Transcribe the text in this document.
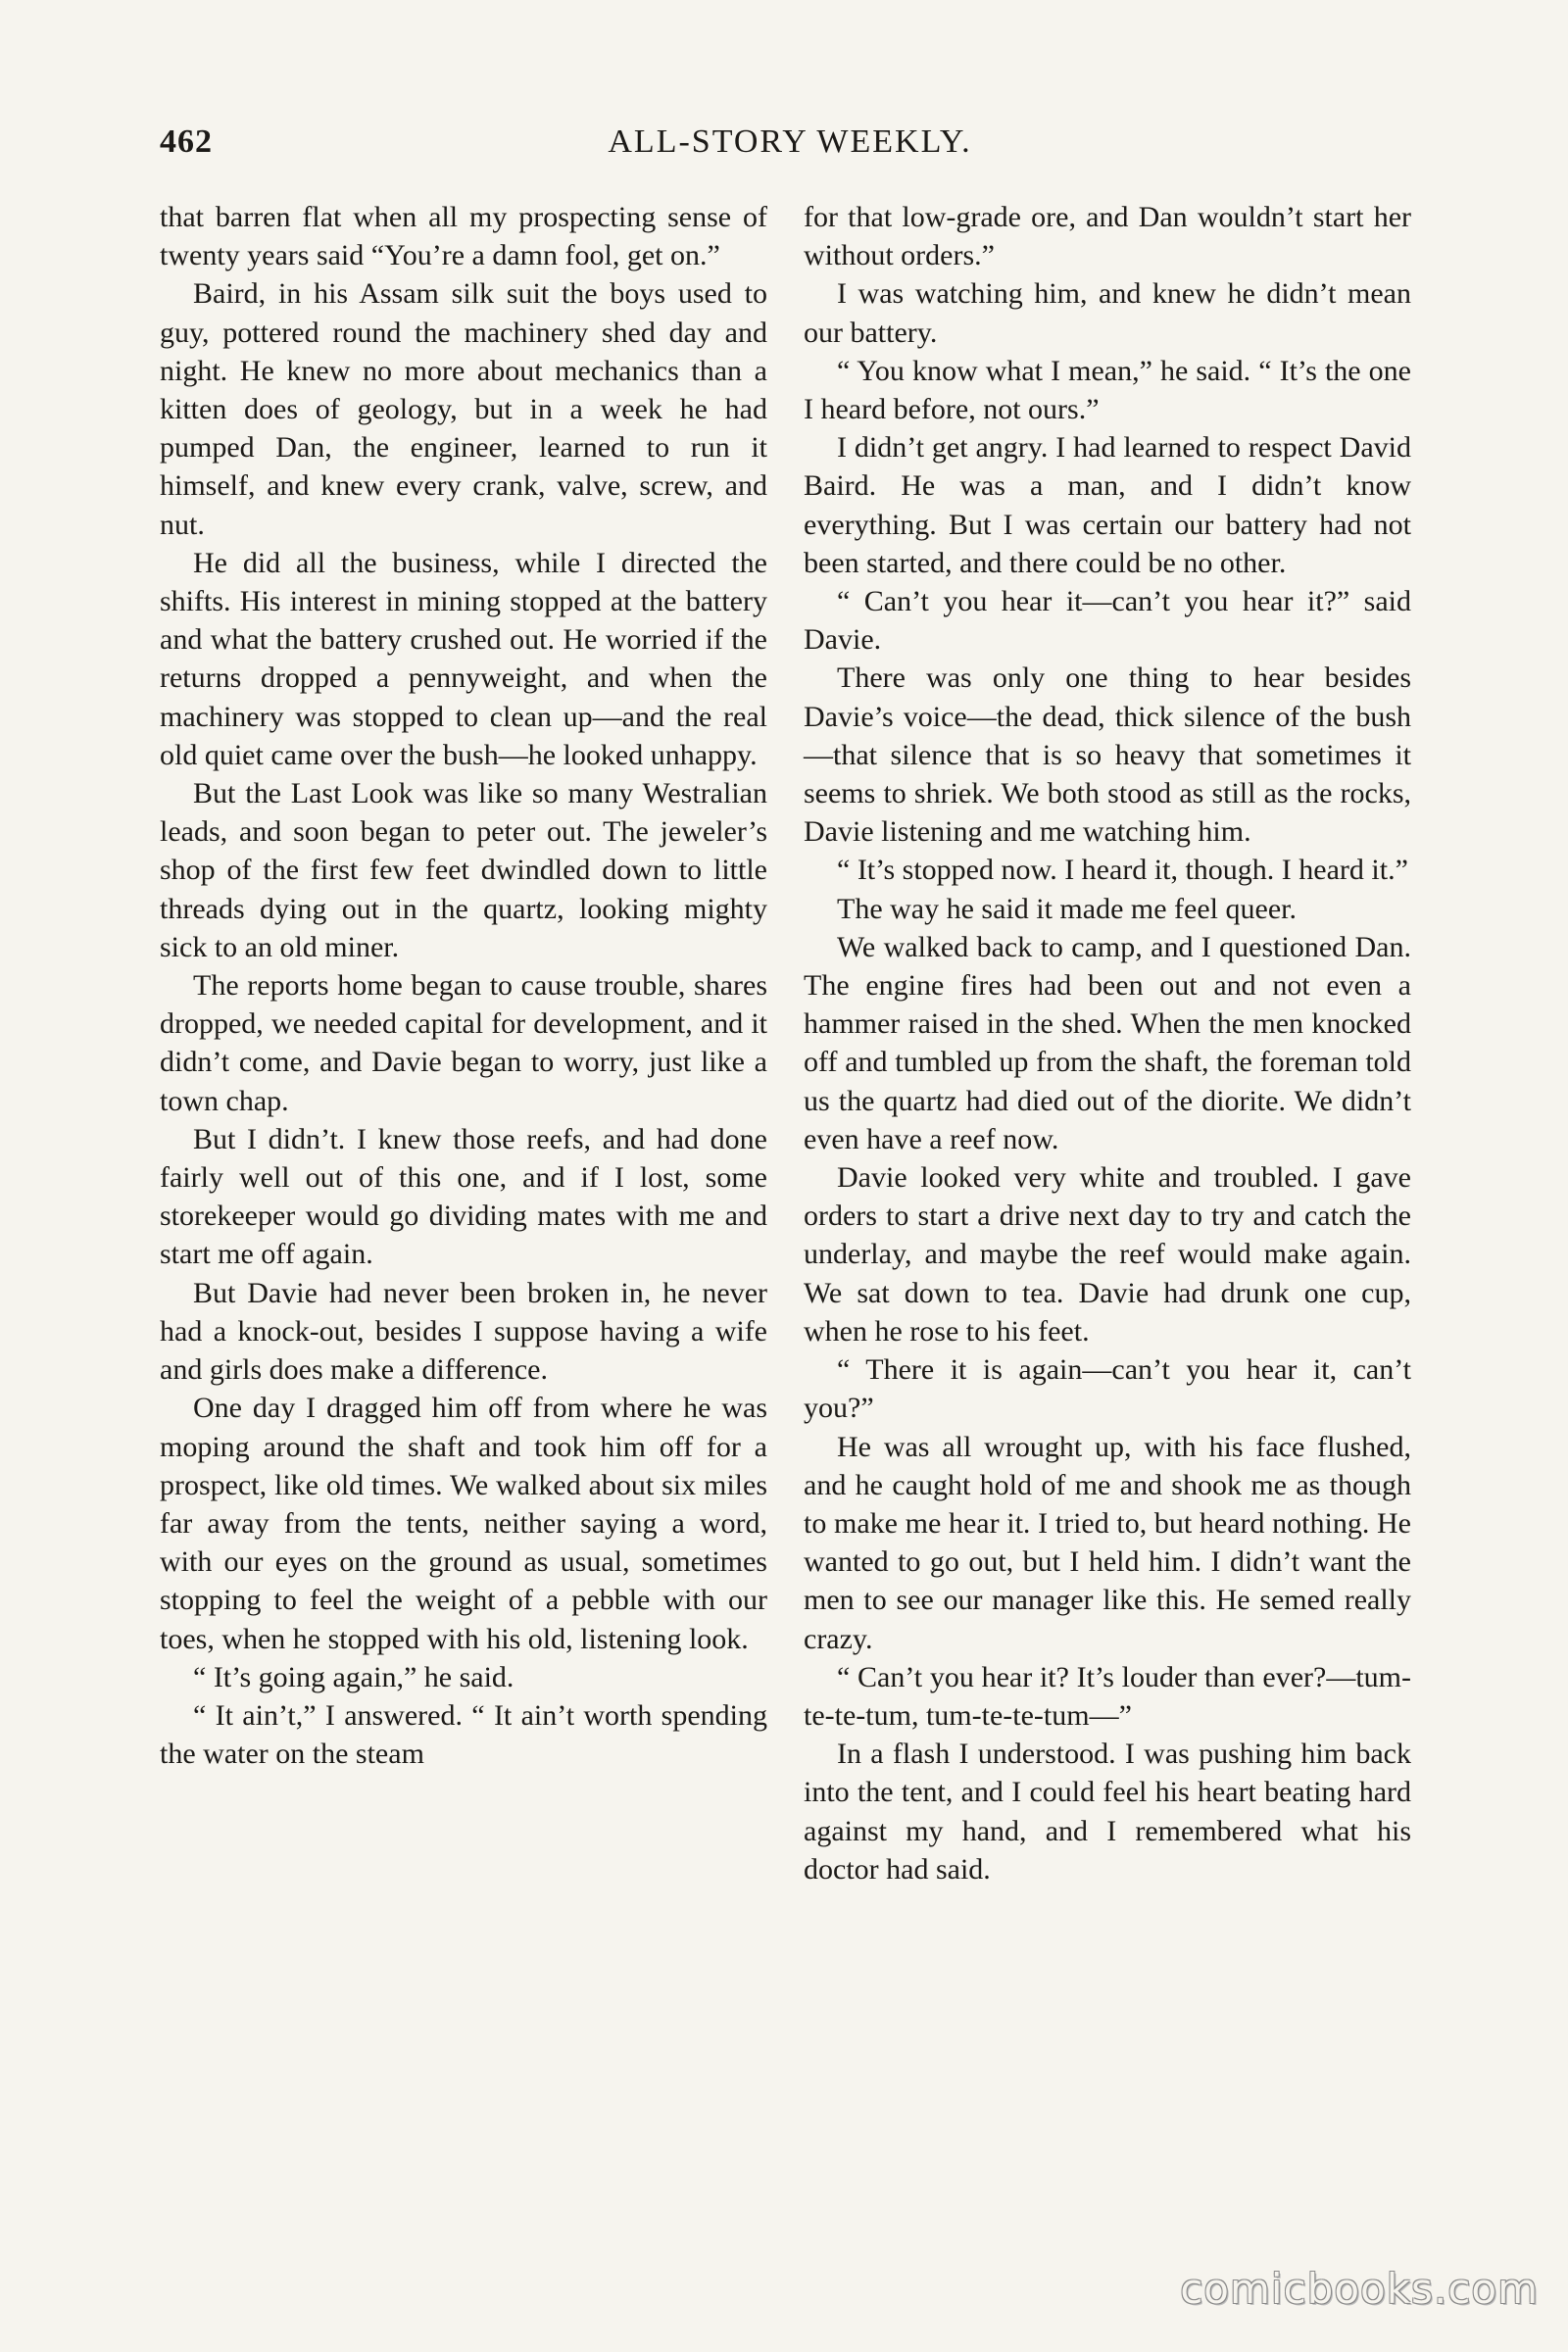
462	ALL-STORY WEEKLY.

that barren flat when all my prospecting sense of twenty years said “You’re a damn fool, get on.”

Baird, in his Assam silk suit the boys used to guy, pottered round the machinery shed day and night. He knew no more about mechanics than a kitten does of geology, but in a week he had pumped Dan, the engineer, learned to run it himself, and knew every crank, valve, screw, and nut.

He did all the business, while I directed the shifts. His interest in mining stopped at the battery and what the battery crushed out. He worried if the returns dropped a pennyweight, and when the machinery was stopped to clean up—and the real old quiet came over the bush—he looked unhappy.

But the Last Look was like so many Westralian leads, and soon began to peter out. The jeweler’s shop of the first few feet dwindled down to little threads dying out in the quartz, looking mighty sick to an old miner.

The reports home began to cause trouble, shares dropped, we needed capital for development, and it didn’t come, and Davie began to worry, just like a town chap.

But I didn’t. I knew those reefs, and had done fairly well out of this one, and if I lost, some storekeeper would go dividing mates with me and start me off again.

But Davie had never been broken in, he never had a knock-out, besides I suppose having a wife and girls does make a difference.

One day I dragged him off from where he was moping around the shaft and took him off for a prospect, like old times. We walked about six miles far away from the tents, neither saying a word, with our eyes on the ground as usual, sometimes stopping to feel the weight of a pebble with our toes, when he stopped with his old, listening look.

“ It’s going again,” he said.

“ It ain’t,” I answered. “ It ain’t worth spending the water on the steam

for that low-grade ore, and Dan wouldn’t start her without orders.”

I was watching him, and knew he didn’t mean our battery.

“ You know what I mean,” he said. “ It’s the one I heard before, not ours.”

I didn’t get angry. I had learned to respect David Baird. He was a man, and I didn’t know everything. But I was certain our battery had not been started, and there could be no other.

“ Can’t you hear it—can’t you hear it?” said Davie.

There was only one thing to hear besides Davie’s voice—the dead, thick silence of the bush—that silence that is so heavy that sometimes it seems to shriek. We both stood as still as the rocks, Davie listening and me watching him.

“ It’s stopped now. I heard it, though. I heard it.”

The way he said it made me feel queer.

We walked back to camp, and I questioned Dan. The engine fires had been out and not even a hammer raised in the shed. When the men knocked off and tumbled up from the shaft, the foreman told us the quartz had died out of the diorite. We didn’t even have a reef now.

Davie looked very white and troubled. I gave orders to start a drive next day to try and catch the underlay, and maybe the reef would make again. We sat down to tea. Davie had drunk one cup, when he rose to his feet.

“ There it is again—can’t you hear it, can’t you?”

He was all wrought up, with his face flushed, and he caught hold of me and shook me as though to make me hear it. I tried to, but heard nothing. He wanted to go out, but I held him. I didn’t want the men to see our manager like this. He semed really crazy.

“ Can’t you hear it? It’s louder than ever?—tum-te-te-tum, tum-te-te-tum—”

In a flash I understood. I was pushing him back into the tent, and I could feel his heart beating hard against my hand, and I remembered what his doctor had said.

comicbooks.com
